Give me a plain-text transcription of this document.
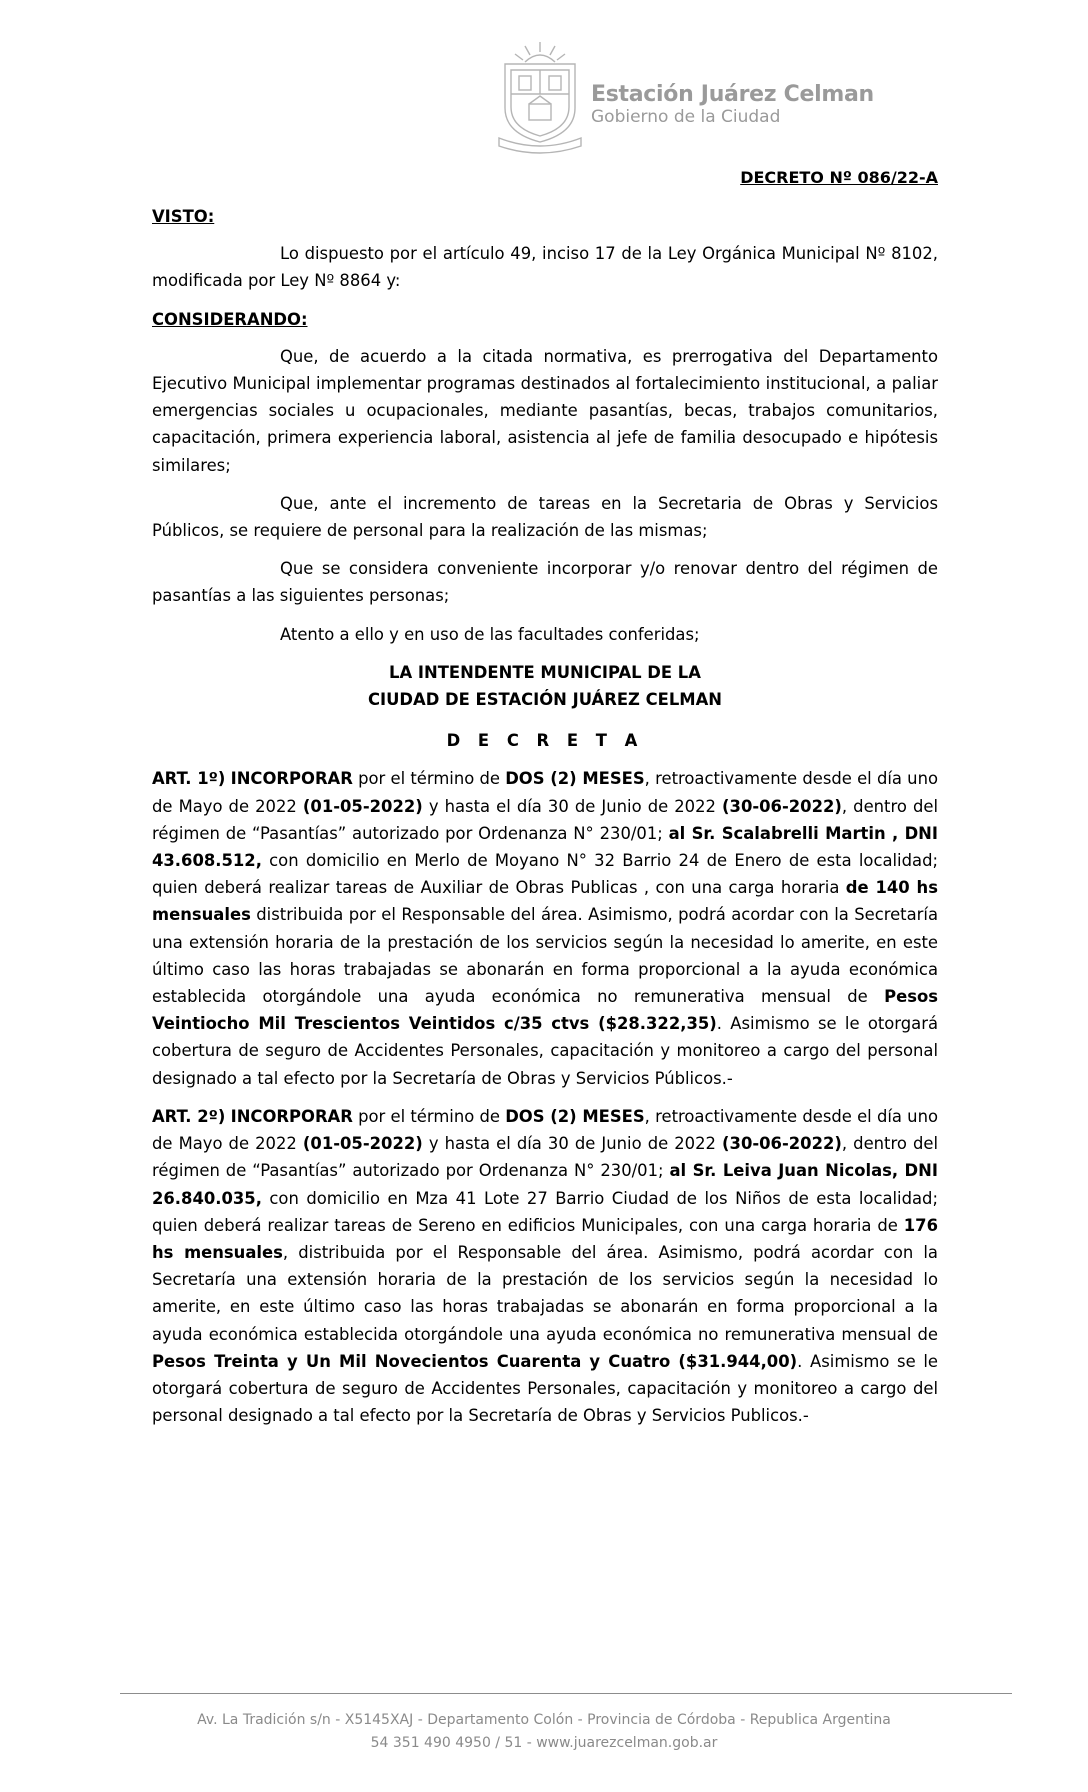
Estación Juárez Celman
Gobierno de la Ciudad
DECRETO Nº 086/22-A

VISTO:

Lo dispuesto por el artículo 49, inciso 17 de la Ley Orgánica Municipal Nº 8102, modificada por Ley Nº 8864 y:

CONSIDERANDO:

Que, de acuerdo a la citada normativa, es prerrogativa del Departamento Ejecutivo Municipal implementar programas destinados al fortalecimiento institucional, a paliar emergencias sociales u ocupacionales, mediante pasantías, becas, trabajos comunitarios, capacitación, primera experiencia laboral, asistencia al jefe de familia desocupado e hipótesis similares;

Que, ante el incremento de tareas en la Secretaria de Obras y Servicios Públicos, se requiere de personal para la realización de las mismas;

Que se considera conveniente incorporar y/o renovar dentro del régimen de pasantías a las siguientes personas;

Atento a ello y en uso de las facultades conferidas;

LA INTENDENTE MUNICIPAL DE LA

CIUDAD DE ESTACIÓN JUÁREZ CELMAN

D E C R E T A

ART. 1º) INCORPORAR por el término de DOS (2) MESES, retroactivamente desde el día uno de Mayo de 2022 (01-05-2022) y hasta el día 30 de Junio de 2022 (30-06-2022), dentro del régimen de “Pasantías” autorizado por Ordenanza N° 230/01; al Sr. Scalabrelli Martin , DNI 43.608.512, con domicilio en Merlo de Moyano N° 32 Barrio 24 de Enero de esta localidad; quien deberá realizar tareas de Auxiliar de Obras Publicas , con una carga horaria de 140 hs mensuales distribuida por el Responsable del área. Asimismo, podrá acordar con la Secretaría una extensión horaria de la prestación de los servicios según la necesidad lo amerite, en este último caso las horas trabajadas se abonarán en forma proporcional a la ayuda económica establecida otorgándole una ayuda económica no remunerativa mensual de Pesos Veintiocho Mil Trescientos Veintidos c/35 ctvs ($28.322,35). Asimismo se le otorgará cobertura de seguro de Accidentes Personales, capacitación y monitoreo a cargo del personal designado a tal efecto por la Secretaría de Obras y Servicios Públicos.-

ART. 2º) INCORPORAR por el término de DOS (2) MESES, retroactivamente desde el día uno de Mayo de 2022 (01-05-2022) y hasta el día 30 de Junio de 2022 (30-06-2022), dentro del régimen de “Pasantías” autorizado por Ordenanza N° 230/01; al Sr. Leiva Juan Nicolas, DNI 26.840.035, con domicilio en Mza 41 Lote 27 Barrio Ciudad de los Niños de esta localidad; quien deberá realizar tareas de Sereno en edificios Municipales, con una carga horaria de 176 hs mensuales, distribuida por el Responsable del área. Asimismo, podrá acordar con la Secretaría una extensión horaria de la prestación de los servicios según la necesidad lo amerite, en este último caso las horas trabajadas se abonarán en forma proporcional a la ayuda económica establecida otorgándole una ayuda económica no remunerativa mensual de Pesos Treinta y Un Mil Novecientos Cuarenta y Cuatro ($31.944,00). Asimismo se le otorgará cobertura de seguro de Accidentes Personales, capacitación y monitoreo a cargo del personal designado a tal efecto por la Secretaría de Obras y Servicios Publicos.-

Av. La Tradición s/n - X5145XAJ - Departamento Colón - Provincia de Córdoba - Republica Argentina
54 351 490 4950 / 51 - www.juarezcelman.gob.ar
